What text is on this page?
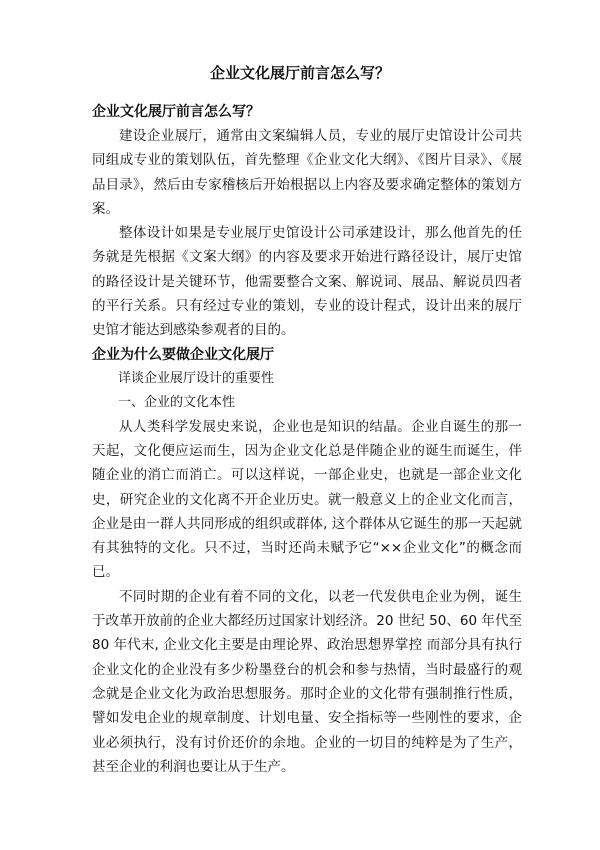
企业文化展厅前言怎么写？
企业文化展厅前言怎么写？

建设企业展厅，通常由文案编辑人员，专业的展厅史馆设计公司共同组成专业的策划队伍，首先整理《企业文化大纲》、《图片目录》、《展品目录》，然后由专家稽核后开始根据以上内容及要求确定整体的策划方案。

整体设计如果是专业展厅史馆设计公司承建设计，那么他首先的任务就是先根据《文案大纲》的内容及要求开始进行路径设计，展厅史馆的路径设计是关键环节，他需要整合文案、解说词、展品、解说员四者的平行关系。只有经过专业的策划，专业的设计程式，设计出来的展厅史馆才能达到感染参观者的目的。

企业为什么要做企业文化展厅

详谈企业展厅设计的重要性

一、企业的文化本性

从人类科学发展史来说，企业也是知识的结晶。企业自诞生的那一天起，文化便应运而生，因为企业文化总是伴随企业的诞生而诞生，伴随企业的消亡而消亡。可以这样说，一部企业史，也就是一部企业文化史，研究企业的文化离不开企业历史。就一般意义上的企业文化而言，企业是由一群人共同形成的组织或群体, 这个群体从它诞生的那一天起就有其独特的文化。只不过，当时还尚未赋予它“××企业文化”的概念而已。

不同时期的企业有着不同的文化，以老一代发供电企业为例，诞生于改革开放前的企业大都经历过国家计划经济。20 世纪 50、60 年代至 80 年代末, 企业文化主要是由理论界、政治思想界掌控 而部分具有执行企业文化的企业没有多少粉墨登台的机会和参与热情，当时最盛行的观念就是企业文化为政治思想服务。那时企业的文化带有强制推行性质，譬如发电企业的规章制度、计划电量、安全指标等一些刚性的要求，企业必须执行，没有讨价还价的余地。企业的一切目的纯粹是为了生产，甚至企业的利润也要让从于生产。
